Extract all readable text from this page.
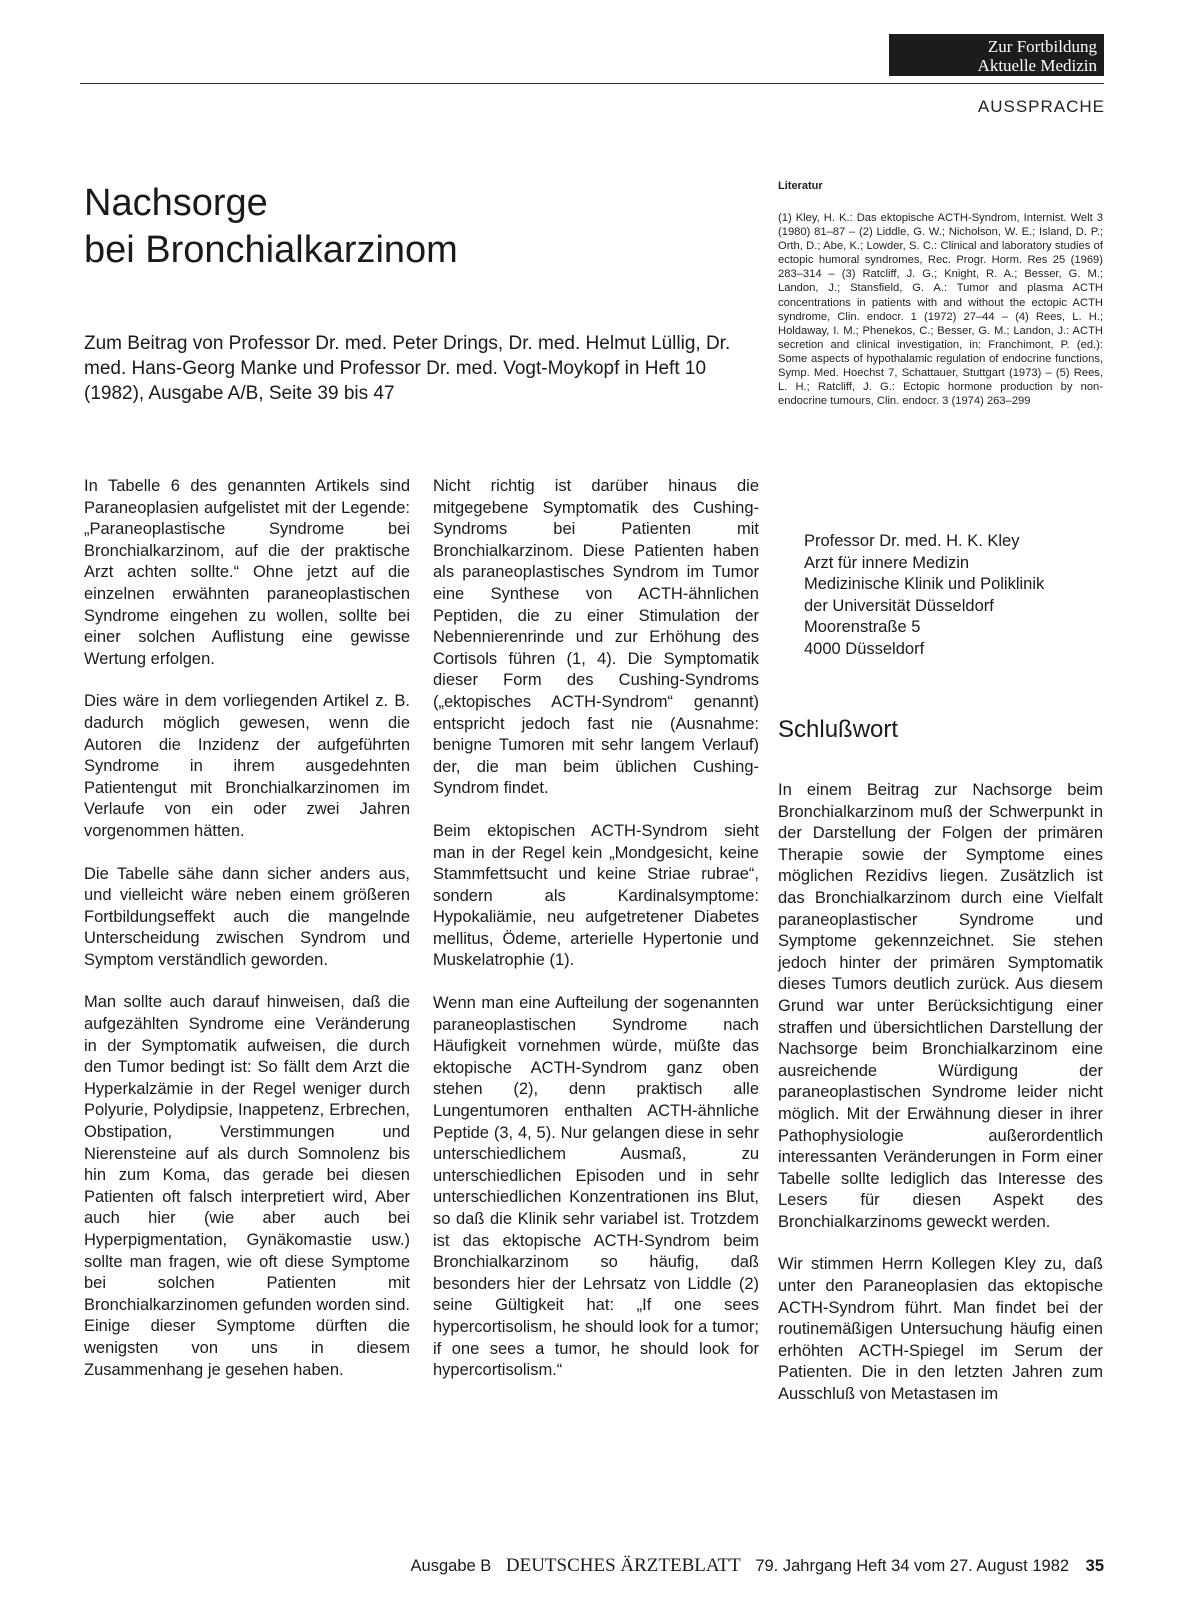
Zur Fortbildung
Aktuelle Medizin
AUSSPRACHE
Nachsorge
bei Bronchialkarzinom

Zum Beitrag von Professor Dr. med. Peter Drings, Dr. med. Helmut Lüllig, Dr. med. Hans-Georg Manke und Professor Dr. med. Vogt-Moykopf in Heft 10 (1982), Ausgabe A/B, Seite 39 bis 47

In Tabelle 6 des genannten Artikels sind Paraneoplasien aufgelistet mit der Legende: „Paraneoplastische Syndrome bei Bronchialkarzinom, auf die der praktische Arzt achten sollte.“ Ohne jetzt auf die einzelnen erwähnten paraneoplastischen Syndrome eingehen zu wollen, sollte bei einer solchen Auflistung eine gewisse Wertung erfolgen.

Dies wäre in dem vorliegenden Artikel z. B. dadurch möglich gewesen, wenn die Autoren die Inzidenz der aufgeführten Syndrome in ihrem ausgedehnten Patientengut mit Bronchialkarzinomen im Verlaufe von ein oder zwei Jahren vorgenommen hätten.

Die Tabelle sähe dann sicher anders aus, und vielleicht wäre neben einem größeren Fortbildungseffekt auch die mangelnde Unterscheidung zwischen Syndrom und Symptom verständlich geworden.

Man sollte auch darauf hinweisen, daß die aufgezählten Syndrome eine Veränderung in der Symptomatik aufweisen, die durch den Tumor bedingt ist: So fällt dem Arzt die Hyperkalzämie in der Regel weniger durch Polyurie, Polydipsie, Inappetenz, Erbrechen, Obstipation, Verstimmungen und Nierensteine auf als durch Somnolenz bis hin zum Koma, das gerade bei diesen Patienten oft falsch interpretiert wird, Aber auch hier (wie aber auch bei Hyperpigmentation, Gynäkomastie usw.) sollte man fragen, wie oft diese Symptome bei solchen Patienten mit Bronchialkarzinomen gefunden worden sind. Einige dieser Symptome dürften die wenigsten von uns in diesem Zusammenhang je gesehen haben.

Nicht richtig ist darüber hinaus die mitgegebene Symptomatik des Cushing-Syndroms bei Patienten mit Bronchialkarzinom. Diese Patienten haben als paraneoplastisches Syndrom im Tumor eine Synthese von ACTH-ähnlichen Peptiden, die zu einer Stimulation der Nebennierenrinde und zur Erhöhung des Cortisols führen (1, 4). Die Symptomatik dieser Form des Cushing-Syndroms („ektopisches ACTH-Syndrom“ genannt) entspricht jedoch fast nie (Ausnahme: benigne Tumoren mit sehr langem Verlauf) der, die man beim üblichen Cushing-Syndrom findet.

Beim ektopischen ACTH-Syndrom sieht man in der Regel kein „Mondgesicht, keine Stammfettsucht und keine Striae rubrae“, sondern als Kardinalsymptome: Hypokaliämie, neu aufgetretener Diabetes mellitus, Ödeme, arterielle Hypertonie und Muskelatrophie (1).

Wenn man eine Aufteilung der sogenannten paraneoplastischen Syndrome nach Häufigkeit vornehmen würde, müßte das ektopische ACTH-Syndrom ganz oben stehen (2), denn praktisch alle Lungentumoren enthalten ACTH-ähnliche Peptide (3, 4, 5). Nur gelangen diese in sehr unterschiedlichem Ausmaß, zu unterschiedlichen Episoden und in sehr unterschiedlichen Konzentrationen ins Blut, so daß die Klinik sehr variabel ist. Trotzdem ist das ektopische ACTH-Syndrom beim Bronchialkarzinom so häufig, daß besonders hier der Lehrsatz von Liddle (2) seine Gültigkeit hat: „If one sees hypercortisolism, he should look for a tumor; if one sees a tumor, he should look for hypercortisolism.“

Literatur

(1) Kley, H. K.: Das ektopische ACTH-Syndrom, Internist. Welt 3 (1980) 81–87 – (2) Liddle, G. W.; Nicholson, W. E.; Island, D. P.; Orth, D.; Abe, K.; Lowder, S. C.: Clinical and laboratory studies of ectopic humoral syndromes, Rec. Progr. Horm. Res 25 (1969) 283–314 – (3) Ratcliff, J. G.; Knight, R. A.; Besser, G. M.; Landon, J.; Stansfield, G. A.: Tumor and plasma ACTH concentrations in patients with and without the ectopic ACTH syndrome, Clin. endocr. 1 (1972) 27–44 – (4) Rees, L. H.; Holdaway, I. M.; Phenekos, C.; Besser, G. M.; Landon, J.: ACTH secretion and clinical investigation, in: Franchimont, P. (ed.): Some aspects of hypothalamic regulation of endocrine functions, Symp. Med. Hoechst 7, Schattauer, Stuttgart (1973) – (5) Rees, L. H.; Ratcliff, J. G.: Ectopic hormone production by non-endocrine tumours, Clin. endocr. 3 (1974) 263–299

Professor Dr. med. H. K. Kley
Arzt für innere Medizin
Medizinische Klinik und Poliklinik
der Universität Düsseldorf
Moorenstraße 5
4000 Düsseldorf
Schlußwort

In einem Beitrag zur Nachsorge beim Bronchialkarzinom muß der Schwerpunkt in der Darstellung der Folgen der primären Therapie sowie der Symptome eines möglichen Rezidivs liegen. Zusätzlich ist das Bronchialkarzinom durch eine Vielfalt paraneoplastischer Syndrome und Symptome gekennzeichnet. Sie stehen jedoch hinter der primären Symptomatik dieses Tumors deutlich zurück. Aus diesem Grund war unter Berücksichtigung einer straffen und übersichtlichen Darstellung der Nachsorge beim Bronchialkarzinom eine ausreichende Würdigung der paraneoplastischen Syndrome leider nicht möglich. Mit der Erwähnung dieser in ihrer Pathophysiologie außerordentlich interessanten Veränderungen in Form einer Tabelle sollte lediglich das Interesse des Lesers für diesen Aspekt des Bronchialkarzinoms geweckt werden.

Wir stimmen Herrn Kollegen Kley zu, daß unter den Paraneoplasien das ektopische ACTH-Syndrom führt. Man findet bei der routinemäßigen Untersuchung häufig einen erhöhten ACTH-Spiegel im Serum der Patienten. Die in den letzten Jahren zum Ausschluß von Metastasen im

Ausgabe B DEUTSCHES ÄRZTEBLATT 79. Jahrgang Heft 34 vom 27. August 1982 35
